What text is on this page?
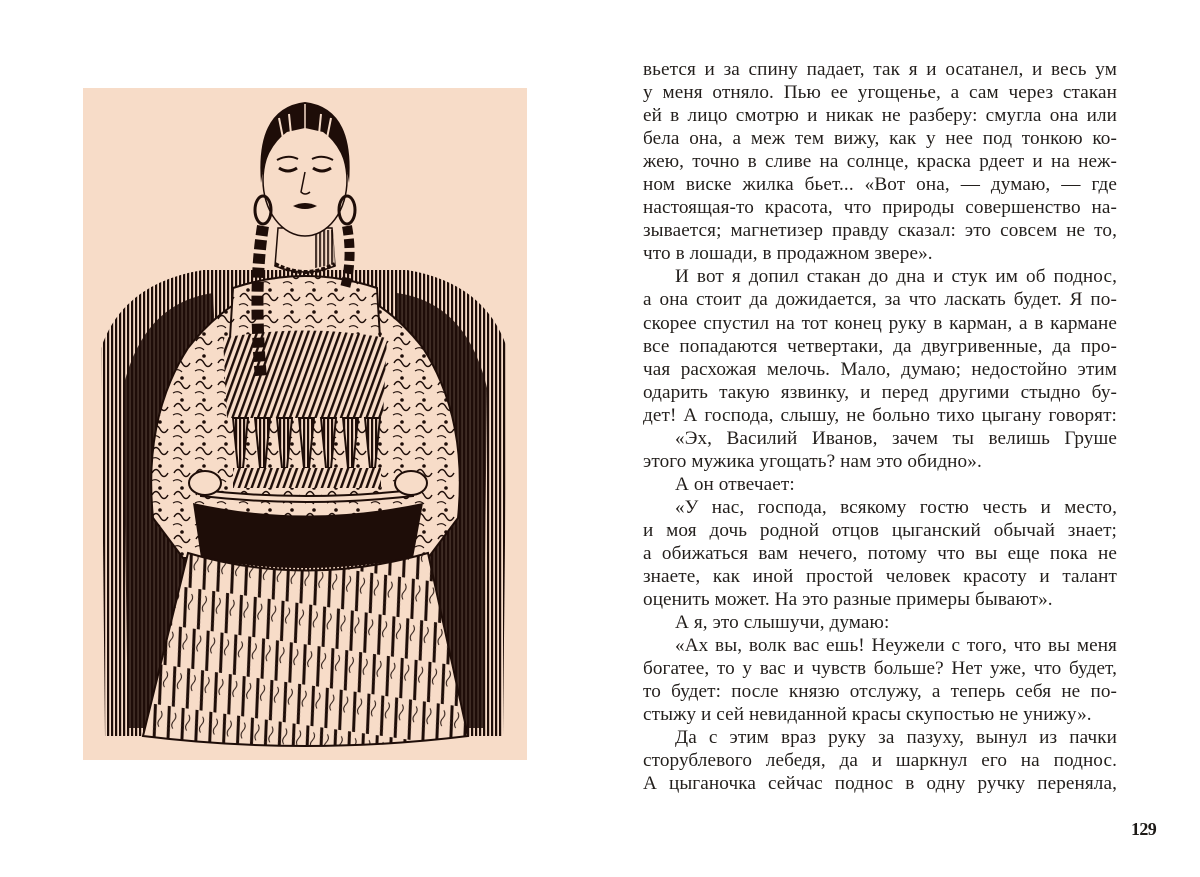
вьется и за спину падает, так я и осатанел, и весь ум
у меня отняло. Пью ее угощенье, а сам через стакан
ей в лицо смотрю и никак не разберу: смугла она или
бела она, а меж тем вижу, как у нее под тонкою ко-
жею, точно в сливе на солнце, краска рдеет и на неж-
ном виске жилка бьет... «Вот она, — думаю, — где
настоящая-то красота, что природы совершенство на-
зывается; магнетизер правду сказал: это совсем не то,
что в лошади, в продажном звере».
И вот я допил стакан до дна и стук им об поднос,
а она стоит да дожидается, за что ласкать будет. Я по-
скорее спустил на тот конец руку в карман, а в кармане
все попадаются четвертаки, да двугривенные, да про-
чая расхожая мелочь. Мало, думаю; недостойно этим
одарить такую язвинку, и перед другими стыдно бу-
дет! А господа, слышу, не больно тихо цыгану говорят:
«Эх, Василий Иванов, зачем ты велишь Груше
этого мужика угощать? нам это обидно».
А он отвечает:
«У нас, господа, всякому гостю честь и место,
и моя дочь родной отцов цыганский обычай знает;
а обижаться вам нечего, потому что вы еще пока не
знаете, как иной простой человек красоту и талант
оценить может. На это разные примеры бывают».
А я, это слышучи, думаю:
«Ах вы, волк вас ешь! Неужели с того, что вы меня
богатее, то у вас и чувств больше? Нет уже, что будет,
то будет: после князю отслужу, а теперь себя не по-
стыжу и сей невиданной красы скупостью не унижу».
Да с этим враз руку за пазуху, вынул из пачки
сторублевого лебедя, да и шаркнул его на поднос.
А цыганочка сейчас поднос в одну ручку переняла,
129
